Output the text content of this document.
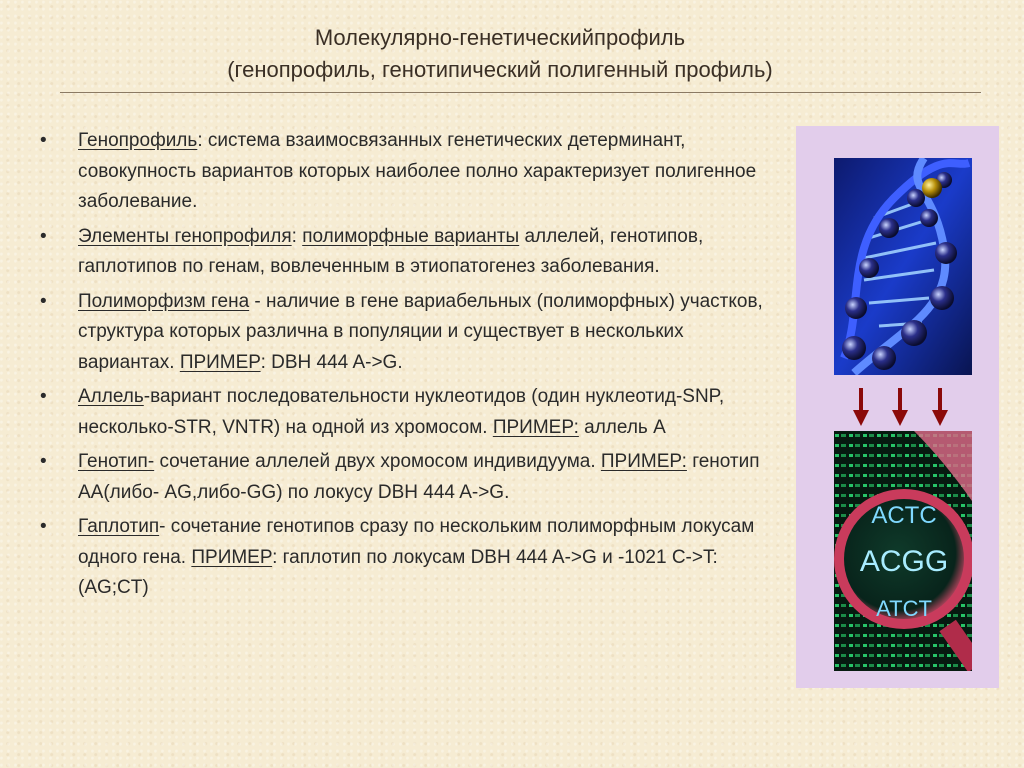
Молекулярно-генетическийпрофиль
(генопрофиль, генотипический полигенный профиль)
• Генопрофиль: система взаимосвязанных генетических детерминант, совокупность вариантов которых наиболее полно характеризует полигенное заболевание.
• Элементы генопрофиля: полиморфные варианты аллелей, генотипов, гаплотипов по генам, вовлеченным в этиопатогенез заболевания.
• Полиморфизм гена - наличие в гене вариабельных (полиморфных) участков, структура которых различна в популяции и существует в нескольких вариантах. ПРИМЕР: DBH 444 A->G.
• Аллель-вариант последовательности нуклеотидов (один нуклеотид-SNP, несколько-STR, VNTR) на одной из хромосом. ПРИМЕР: аллель А
• Генотип- сочетание аллелей двух хромосом индивидуума. ПРИМЕР: генотип АА(либо- AG,либо-GG) по локусу DBH 444 A->G.
• Гаплотип- сочетание генотипов сразу по нескольким полиморфным локусам одного гена. ПРИМЕР: гаплотип по локусам DBH 444 A->G и -1021 C->T: (AG;CT)
ACTC
ACGG
ATCT
